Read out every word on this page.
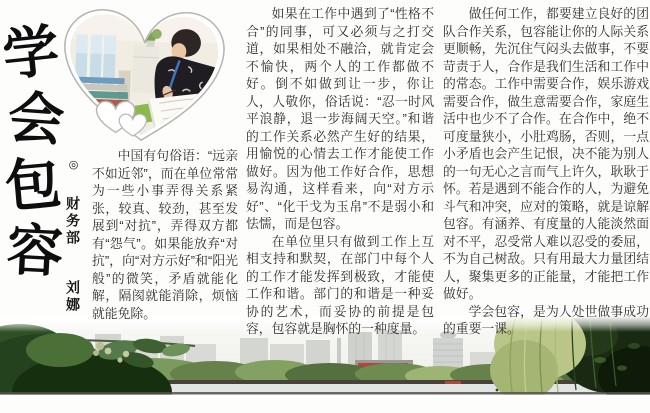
学
会
包
容
◎ 财务部 刘娜

中国有句俗语：“远亲不如近邻”，而在单位常常为一些小事弄得关系紧张，较真、较劲，甚至发展到“对抗”，弄得双方都有“怨气”。如果能放弃“对抗”，向“对方示好”和“阳光般”的微笑，矛盾就能化解，隔阂就能消除，烦恼就能免除。

如果在工作中遇到了“性格不合”的同事，可又必须与之打交道，如果相处不融洽，就肯定会不愉快，两个人的工作都做不好。倒不如做到让一步，你让人，人敬你，俗话说：“忍一时风平浪静，退一步海阔天空。”和谐的工作关系必然产生好的结果，用愉悦的心情去工作才能使工作做好。因为他工作好合作，思想易沟通，这样看来，向“对方示好”、“化干戈为玉帛”不是弱小和怯懦，而是包容。

在单位里只有做到工作上互相支持和默契，在部门中每个人的工作才能发挥到极致，才能使工作和谐。部门的和谐是一种妥协的艺术，而妥协的前提是包容，包容就是胸怀的一种度量。

做任何工作，都要建立良好的团队合作关系，包容能让你的人际关系更顺畅，先沉住气闷头去做事，不要苛责于人，合作是我们生活和工作中的常态。工作中需要合作，娱乐游戏需要合作，做生意需要合作，家庭生活中也少不了合作。在合作中，绝不可度量狭小，小肚鸡肠，否则，一点小矛盾也会产生记恨，决不能为别人的一句无心之言而气上许久，耿耿于怀。若是遇到不能合作的人，为避免斗气和冲突，应对的策略，就是谅解包容。有涵养、有度量的人能淡然面对不平，忍受常人难以忍受的委屈，不为自己树敌。只有用最大力量团结人，聚集更多的正能量，才能把工作做好。

学会包容，是为人处世做事成功的重要一课。
